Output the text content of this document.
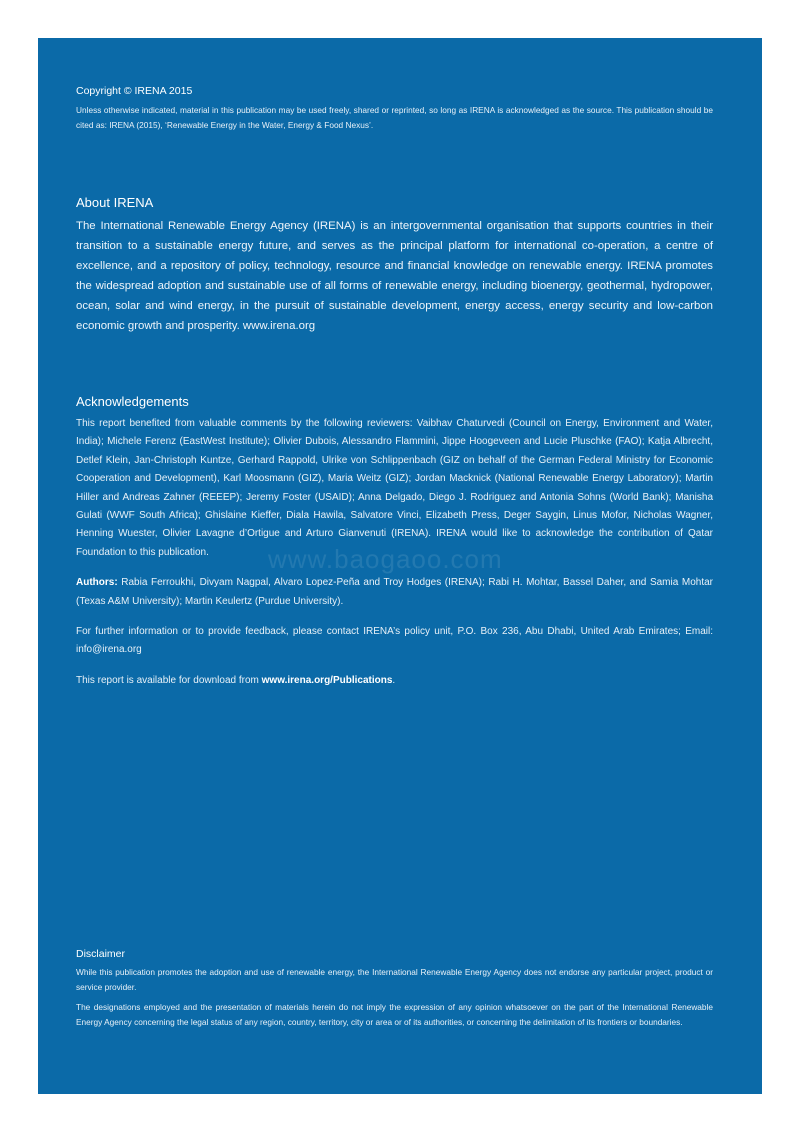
Copyright © IRENA 2015

Unless otherwise indicated, material in this publication may be used freely, shared or reprinted, so long as IRENA is acknowledged as the source. This publication should be cited as: IRENA (2015), ‘Renewable Energy in the Water, Energy & Food Nexus’.

About IRENA

The International Renewable Energy Agency (IRENA) is an intergovernmental organisation that supports countries in their transition to a sustainable energy future, and serves as the principal platform for international co-operation, a centre of excellence, and a repository of policy, technology, resource and financial knowledge on renewable energy. IRENA promotes the widespread adoption and sustainable use of all forms of renewable energy, including bioenergy, geothermal, hydropower, ocean, solar and wind energy, in the pursuit of sustainable development, energy access, energy security and low-carbon economic growth and prosperity. www.irena.org

Acknowledgements

This report benefited from valuable comments by the following reviewers: Vaibhav Chaturvedi (Council on Energy, Environment and Water, India); Michele Ferenz (EastWest Institute); Olivier Dubois, Alessandro Flammini, Jippe Hoogeveen and Lucie Pluschke (FAO); Katja Albrecht, Detlef Klein, Jan-Christoph Kuntze, Gerhard Rappold, Ulrike von Schlippenbach (GIZ on behalf of the German Federal Ministry for Economic Cooperation and Development), Karl Moosmann (GIZ), Maria Weitz (GIZ); Jordan Macknick (National Renewable Energy Laboratory); Martin Hiller and Andreas Zahner (REEEP); Jeremy Foster (USAID); Anna Delgado, Diego J. Rodriguez and Antonia Sohns (World Bank); Manisha Gulati (WWF South Africa); Ghislaine Kieffer, Diala Hawila, Salvatore Vinci, Elizabeth Press, Deger Saygin, Linus Mofor, Nicholas Wagner, Henning Wuester, Olivier Lavagne d’Ortigue and Arturo Gianvenuti (IRENA). IRENA would like to acknowledge the contribution of Qatar Foundation to this publication.

Authors: Rabia Ferroukhi, Divyam Nagpal, Alvaro Lopez-Peña and Troy Hodges (IRENA); Rabi H. Mohtar, Bassel Daher, and Samia Mohtar (Texas A&M University); Martin Keulertz (Purdue University).

For further information or to provide feedback, please contact IRENA’s policy unit, P.O. Box 236, Abu Dhabi, United Arab Emirates; Email: info@irena.org

This report is available for download from www.irena.org/Publications.

www.baogaoo.com
Disclaimer

While this publication promotes the adoption and use of renewable energy, the International Renewable Energy Agency does not endorse any particular project, product or service provider.

The designations employed and the presentation of materials herein do not imply the expression of any opinion whatsoever on the part of the International Renewable Energy Agency concerning the legal status of any region, country, territory, city or area or of its authorities, or concerning the delimitation of its frontiers or boundaries.
